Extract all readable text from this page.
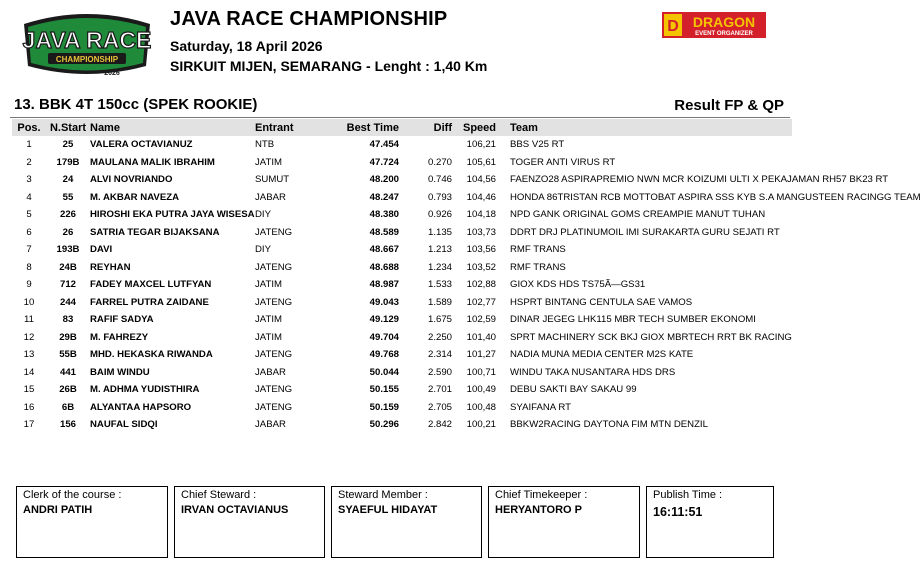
JAVA RACE
CHAMPIONSHIP
2026
JAVA RACE CHAMPIONSHIP
Saturday, 18 April 2026
SIRKUIT MIJEN, SEMARANG - Lenght : 1,40 Km
D DRAGON
EVENT ORGANIZER
13. BBK 4T 150cc (SPEK ROOKIE)	Result FP & QP
Pos.	N.Start	Name	Entrant	Best Time	Diff	Speed	Team
1	25	VALERA OCTAVIANUZ	NTB	47.454		106,21	BBS V25 RT
2	179B	MAULANA MALIK IBRAHIM	JATIM	47.724	0.270	105,61	TOGER ANTI VIRUS RT
3	24	ALVI NOVRIANDO	SUMUT	48.200	0.746	104,56	FAENZO28 ASPIRAPREMIO NWN MCR KOIZUMI ULTI X PEKAJAMAN RH57 BK23 RT
4	55	M. AKBAR NAVEZA	JABAR	48.247	0.793	104,46	HONDA 86TRISTAN RCB MOTTOBAT ASPIRA SSS KYB S.A MANGUSTEEN RACINGG TEAM
5	226	HIROSHI EKA PUTRA JAYA WISESA	DIY	48.380	0.926	104,18	NPD GANK ORIGINAL GOMS CREAMPIE MANUT TUHAN
6	26	SATRIA TEGAR BIJAKSANA	JATENG	48.589	1.135	103,73	DDRT DRJ PLATINUMOIL IMI SURAKARTA GURU SEJATI RT
7	193B	DAVI	DIY	48.667	1.213	103,56	RMF TRANS
8	24B	REYHAN	JATENG	48.688	1.234	103,52	RMF TRANS
9	712	FADEY MAXCEL LUTFYAN	JATIM	48.987	1.533	102,88	GIOX KDS HDS TS75Ã—GS31
10	244	FARREL PUTRA ZAIDANE	JATENG	49.043	1.589	102,77	HSPRT BINTANG CENTULA SAE VAMOS
11	83	RAFIF SADYA	JATIM	49.129	1.675	102,59	DINAR JEGEG LHK115 MBR TECH SUMBER EKONOMI
12	29B	M. FAHREZY	JATIM	49.704	2.250	101,40	SPRT MACHINERY SCK BKJ GIOX MBRTECH RRT BK RACING
13	55B	MHD. HEKASKA RIWANDA	JATENG	49.768	2.314	101,27	NADIA MUNA MEDIA CENTER M2S KATE
14	441	BAIM WINDU	JABAR	50.044	2.590	100,71	WINDU TAKA NUSANTARA HDS DRS
15	26B	M. ADHMA YUDISTHIRA	JATENG	50.155	2.701	100,49	DEBU SAKTI BAY SAKAU 99
16	6B	ALYANTAA HAPSORO	JATENG	50.159	2.705	100,48	SYAIFANA RT
17	156	NAUFAL SIDQI	JABAR	50.296	2.842	100,21	BBKW2RACING DAYTONA FIM MTN DENZIL
Clerk of the course :
ANDRI PATIH
Chief Steward :
IRVAN OCTAVIANUS
Steward Member :
SYAEFUL HIDAYAT
Chief Timekeeper :
HERYANTORO P
Publish Time :
16:11:51
